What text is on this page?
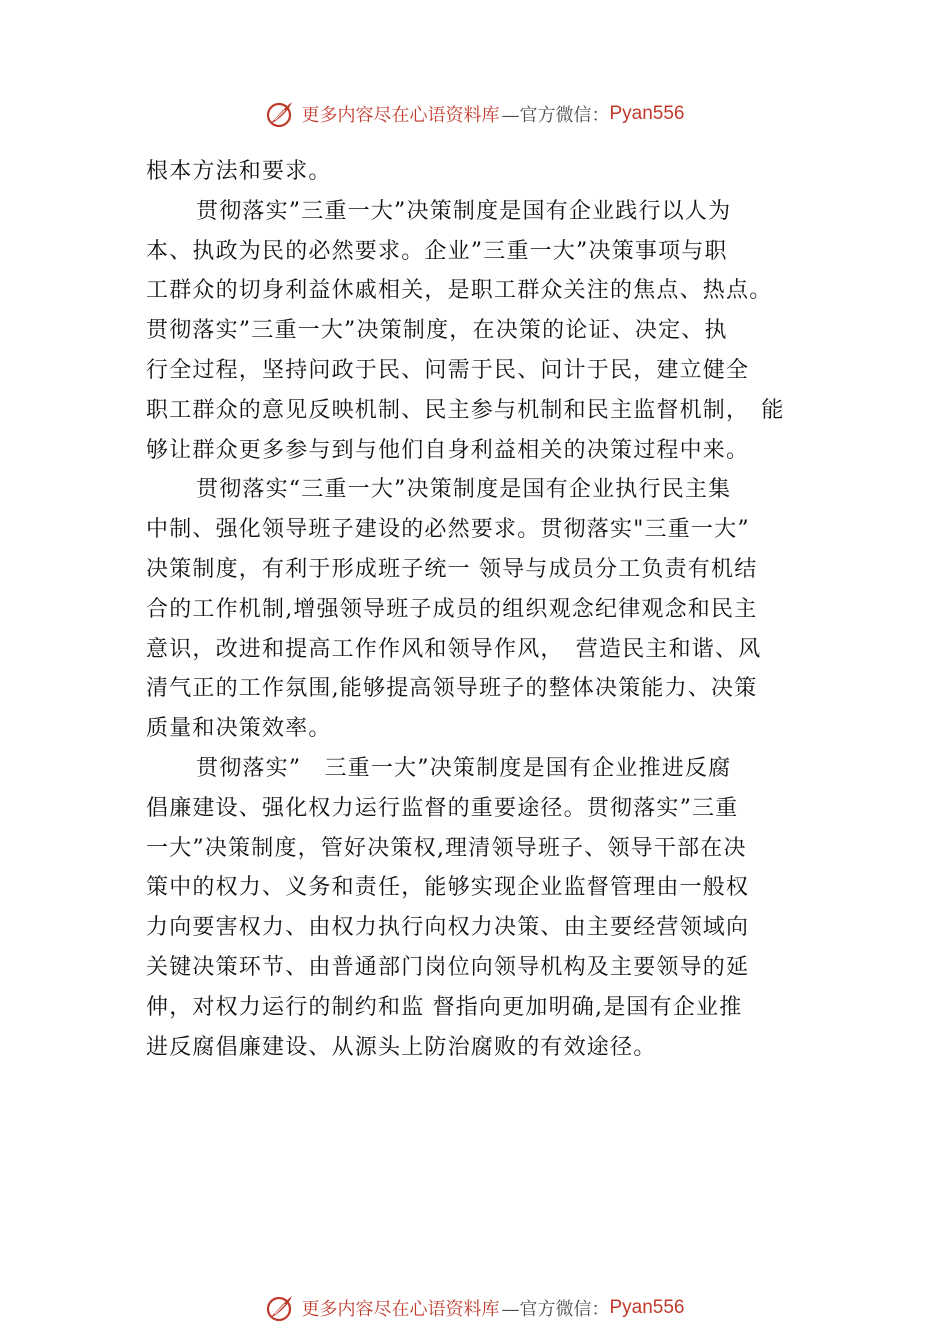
更多内容尽在心语资料库 —官方微信： Pyan556
根本方法和要求。
贯彻落实”三重一大”决策制度是国有企业践行以人为
本、执政为民的必然要求。企业”三重一大”决策事项与职
工群众的切身利益休戚相关，是职工群众关注的焦点、热点。
贯彻落实”三重一大”决策制度，在决策的论证、决定、执
行全过程，坚持问政于民、问需于民、问计于民，建立健全
职工群众的意见反映机制、民主参与机制和民主监督机制，　能
够让群众更多参与到与他们自身利益相关的决策过程中来。
贯彻落实“三重一大”决策制度是国有企业执行民主集
中制、强化领导班子建设的必然要求。贯彻落实"三重一大”
决策制度，有利于形成班子统一 领导与成员分工负责有机结
合的工作机制,增强领导班子成员的组织观念纪律观念和民主
意识，改进和提高工作作风和领导作风，　营造民主和谐、风
清气正的工作氛围,能够提高领导班子的整体决策能力、决策
质量和决策效率。
贯彻落实”　三重一大”决策制度是国有企业推进反腐
倡廉建设、强化权力运行监督的重要途径。贯彻落实”三重
一大”决策制度，管好决策权,理清领导班子、领导干部在决
策中的权力、义务和责任，能够实现企业监督管理由一般权
力向要害权力、由权力执行向权力决策、由主要经营领域向
关键决策环节、由普通部门岗位向领导机构及主要领导的延
伸，对权力运行的制约和监 督指向更加明确,是国有企业推
进反腐倡廉建设、从源头上防治腐败的有效途径。
更多内容尽在心语资料库 —官方微信： Pyan556
